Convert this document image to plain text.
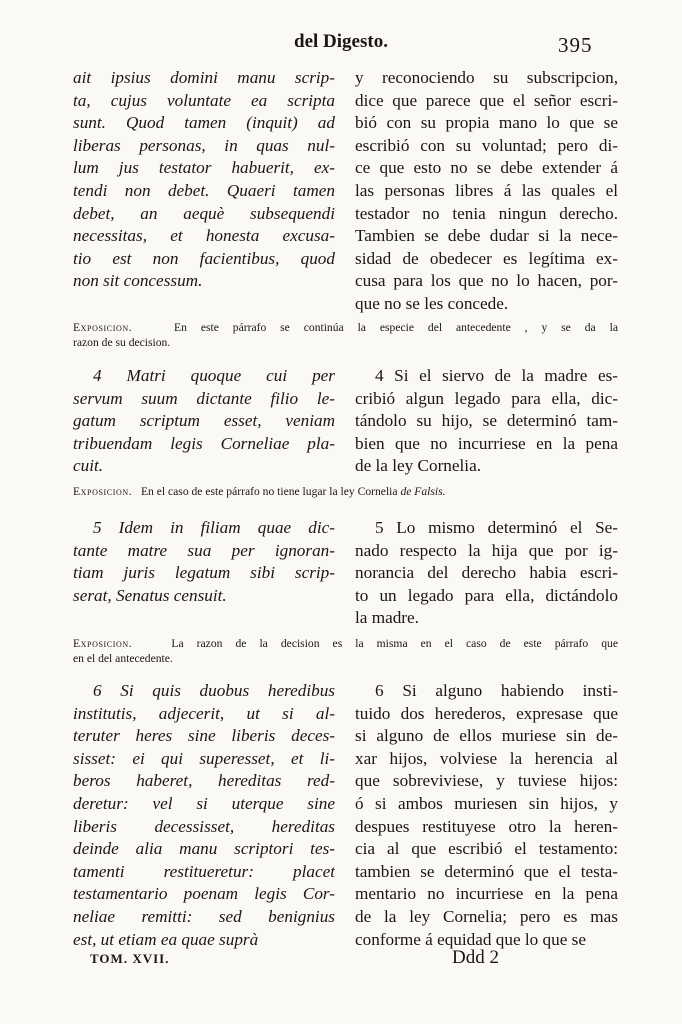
del Digesto.	395
ait ipsius domini manu scrip-
ta, cujus voluntate ea scripta
sunt. Quod tamen (inquit) ad
liberas personas, in quas nul-
lum jus testator habuerit, ex-
tendi non debet. Quaeri tamen
debet, an aequè subsequendi
necessitas, et honesta excusa-
tio est non facientibus, quod
non sit concessum.
y reconociendo su subscripcion,
dice que parece que el señor escri-
bió con su propia mano lo que se
escribió con su voluntad; pero di-
ce que esto no se debe extender á
las personas libres á las quales el
testador no tenia ningun derecho.
Tambien se debe dudar si la nece-
sidad de obedecer es legítima ex-
cusa para los que no lo hacen, por-
que no se les concede.
Exposicion.	En este párrafo se continúa la especie del antecedente , y se da la
razon de su decision.
4 Matri quoque cui per
servum suum dictante filio le-
gatum scriptum esset, veniam
tribuendam legis Corneliae pla-
cuit.
4 Si el siervo de la madre es-
cribió algun legado para ella, dic-
tándolo su hijo, se determinó tam-
bien que no incurriese en la pena
de la ley Cornelia.
Exposicion. En el caso de este párrafo no tiene lugar la ley Cornelia de Falsis.
5 Idem in filiam quae dic-
tante matre sua per ignoran-
tiam juris legatum sibi scrip-
serat, Senatus censuit.
5 Lo mismo determinó el Se-
nado respecto la hija que por ig-
norancia del derecho habia escri-
to un legado para ella, dictándolo
la madre.
Exposicion.	La razon de la decision es la misma en el caso de este párrafo que
en el del antecedente.
6 Si quis duobus heredibus
institutis, adjecerit, ut si al-
teruter heres sine liberis deces-
sisset: ei qui superesset, et li-
beros haberet, hereditas red-
deretur: vel si uterque sine
liberis decessisset, hereditas
deinde alia manu scriptori tes-
tamenti restitueretur: placet
testamentario poenam legis Cor-
neliae remitti: sed benignius
est, ut etiam ea quae suprà
6 Si alguno habiendo insti-
tuido dos herederos, expresase que
si alguno de ellos muriese sin de-
xar hijos, volviese la herencia al
que sobreviviese, y tuviese hijos:
ó si ambos muriesen sin hijos, y
despues restituyese otro la heren-
cia al que escribió el testamento:
tambien se determinó que el testa-
mentario no incurriese en la pena
de la ley Cornelia; pero es mas
conforme á equidad que lo que se
TOM. XVII.	Ddd 2
